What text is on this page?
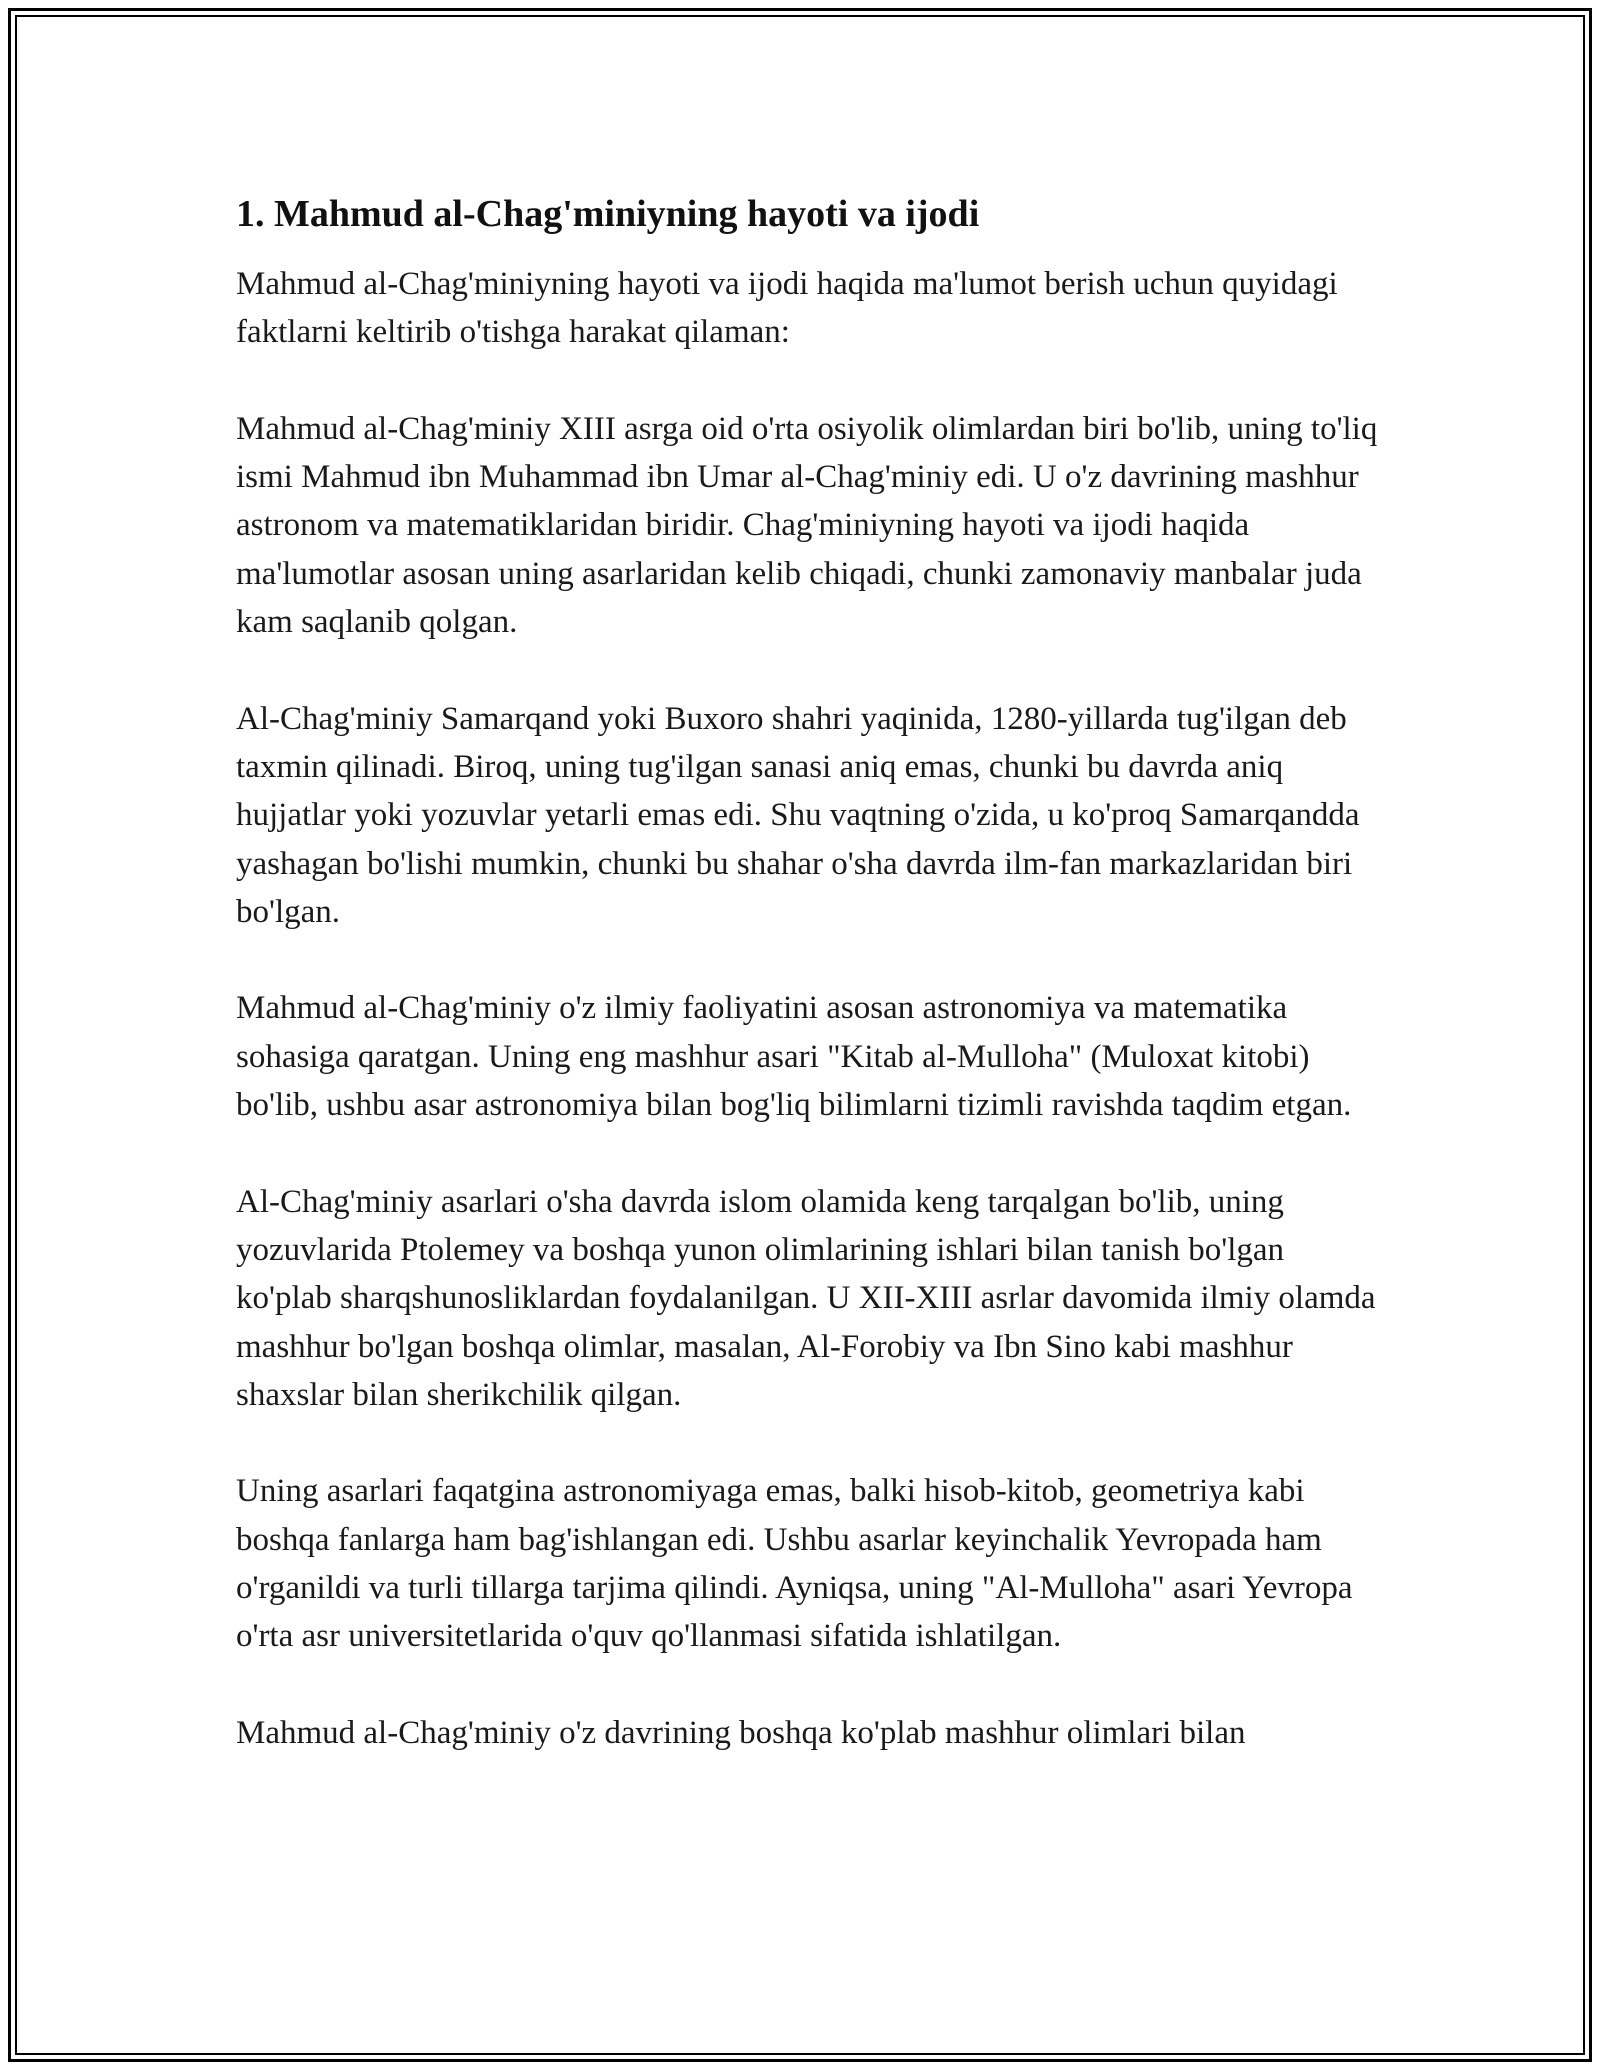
1. Mahmud al-Chag'miniyning hayoti va ijodi

Mahmud al-Chag'miniyning hayoti va ijodi haqida ma'lumot berish uchun quyidagi faktlarni keltirib o'tishga harakat qilaman:

Mahmud al-Chag'miniy XIII asrga oid o'rta osiyolik olimlardan biri bo'lib, uning to'liq ismi Mahmud ibn Muhammad ibn Umar al-Chag'miniy edi. U o'z davrining mashhur astronom va matematiklaridan biridir. Chag'miniyning hayoti va ijodi haqida ma'lumotlar asosan uning asarlaridan kelib chiqadi, chunki zamonaviy manbalar juda kam saqlanib qolgan.

Al-Chag'miniy Samarqand yoki Buxoro shahri yaqinida, 1280-yillarda tug'ilgan deb taxmin qilinadi. Biroq, uning tug'ilgan sanasi aniq emas, chunki bu davrda aniq hujjatlar yoki yozuvlar yetarli emas edi. Shu vaqtning o'zida, u ko'proq Samarqandda yashagan bo'lishi mumkin, chunki bu shahar o'sha davrda ilm-fan markazlaridan biri bo'lgan.

Mahmud al-Chag'miniy o'z ilmiy faoliyatini asosan astronomiya va matematika sohasiga qaratgan. Uning eng mashhur asari "Kitab al-Mulloha" (Muloxat kitobi) bo'lib, ushbu asar astronomiya bilan bog'liq bilimlarni tizimli ravishda taqdim etgan.

Al-Chag'miniy asarlari o'sha davrda islom olamida keng tarqalgan bo'lib, uning yozuvlarida Ptolemey va boshqa yunon olimlarining ishlari bilan tanish bo'lgan ko'plab sharqshunosliklardan foydalanilgan. U XII-XIII asrlar davomida ilmiy olamda mashhur bo'lgan boshqa olimlar, masalan, Al-Forobiy va Ibn Sino kabi mashhur shaxslar bilan sherikchilik qilgan.

Uning asarlari faqatgina astronomiyaga emas, balki hisob-kitob, geometriya kabi boshqa fanlarga ham bag'ishlangan edi. Ushbu asarlar keyinchalik Yevropada ham o'rganildi va turli tillarga tarjima qilindi. Ayniqsa, uning "Al-Mulloha" asari Yevropa o'rta asr universitetlarida o'quv qo'llanmasi sifatida ishlatilgan.

Mahmud al-Chag'miniy o'z davrining boshqa ko'plab mashhur olimlari bilan
